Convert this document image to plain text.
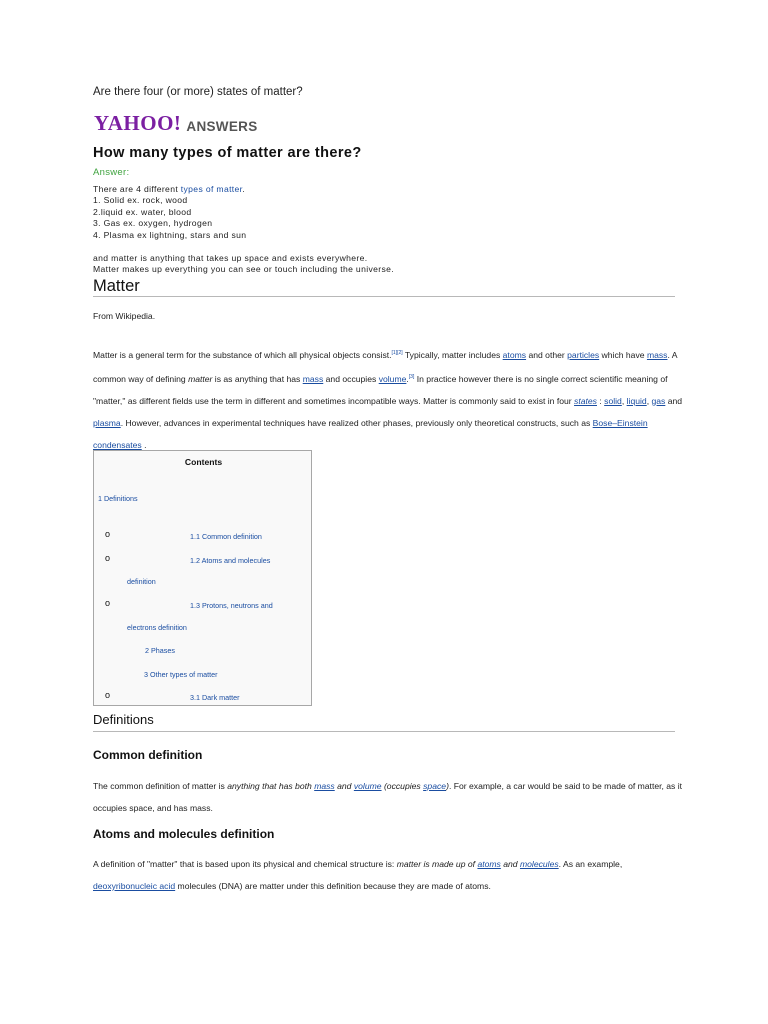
Are there four (or more) states of matter?
YAHOO! ANSWERS
How many types of matter are there?
Answer:
There are 4 different types of matter.
1. Solid ex. rock, wood
2.liquid ex. water, blood
3. Gas ex. oxygen, hydrogen
4. Plasma ex lightning, stars and sun
and matter is anything that takes up space and exists everywhere.
Matter makes up everything you can see or touch including the universe.
Matter
From Wikipedia.
Matter is a general term for the substance of which all physical objects consist.[1][2] Typically, matter includes atoms and other particles which have mass. A common way of defining matter is as anything that has mass and occupies volume.[3] In practice however there is no single correct scientific meaning of "matter," as different fields use the term in different and sometimes incompatible ways. Matter is commonly said to exist in four states : solid, liquid, gas and plasma. However, advances in experimental techniques have realized other phases, previously only theoretical constructs, such as Bose–Einstein condensates .
Contents
1 Definitions
o	1.1 Common definition
o	1.2 Atoms and molecules
definition
o	1.3 Protons, neutrons and
electrons definition
2 Phases
3 Other types of matter
o	3.1 Dark matter
Definitions
Common definition
The common definition of matter is anything that has both mass and volume (occupies space). For example, a car would be said to be made of matter, as it occupies space, and has mass.
Atoms and molecules definition
A definition of "matter" that is based upon its physical and chemical structure is: matter is made up of atoms and molecules. As an example, deoxyribonucleic acid molecules (DNA) are matter under this definition because they are made of atoms.
